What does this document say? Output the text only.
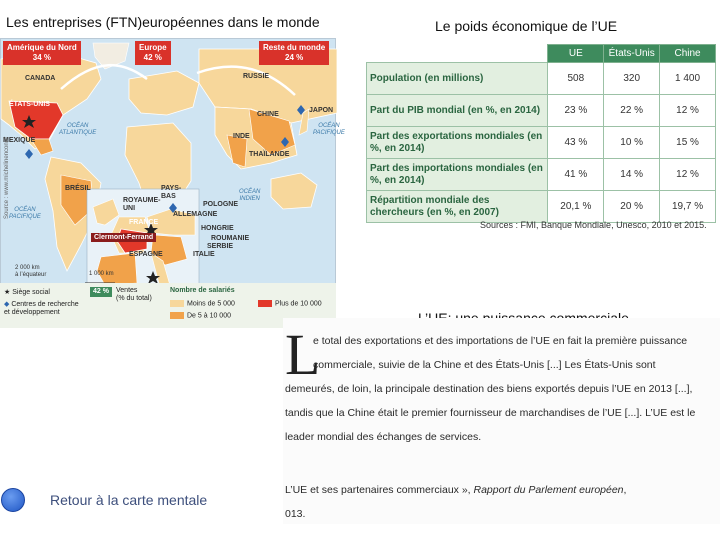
Les entreprises (FTN)européennes dans le monde	Le poids économique de l’UE
Amérique du Nord
34 %
Europe
42 %
Reste du monde
24 %
CANADA	RUSSIE
ÉTATS-UNIS
JAPON
CHINE
INDE
THAÏLANDE
MEXIQUE
BRÉSIL	PAYS-
BAS
ROYAUME-
UNI
ALLEMAGNE
POLOGNE
FRANCE
HONGRIE
ROUMANIE
SERBIE
ESPAGNE	ITALIE
Clermont-Ferrand
OCÉAN
ATLANTIQUE
OCÉAN
PACIFIQUE
OCÉAN
PACIFIQUE
OCÉAN
INDIEN
Source : www.michelinenconrfr
2 000 km
à l’équateur	1 000 km
★ Siège social
◆ Centres de recherche
et développement
42 %	Ventes
(% du total)
Nombre de salariés
Moins de 5 000
De 5 à 10 000
Plus de 10 000
	UE	États-Unis	Chine
Population (en millions)	508	320	1 400
Part du PIB mondial (en %, en 2014)	23 %	22 %	12 %
Part des exportations mondiales (en %, en 2014)	43 %	10 %	15 %
Part des importations mondiales (en %, en 2014)	41 %	14 %	12 %
Répartition mondiale des chercheurs (en %, en 2007)	20,1 %	20 %	19,7 %
Sources : FMI, Banque Mondiale, Unesco, 2010 et 2015.
L
e total des exportations et des importations de l’UE en fait la première puissance
commerciale, suivie de la Chine et des États-Unis [...] Les États-Unis sont
demeurés, de loin, la principale destination des biens exportés depuis l’UE en 2013 [...],
tandis que la Chine était le premier fournisseur de marchandises de l’UE [...]. L’UE est le
leader mondial des échanges de services.
L’UE et ses partenaires commerciaux », Rapport du Parlement européen,
013.
Retour à la carte mentale
